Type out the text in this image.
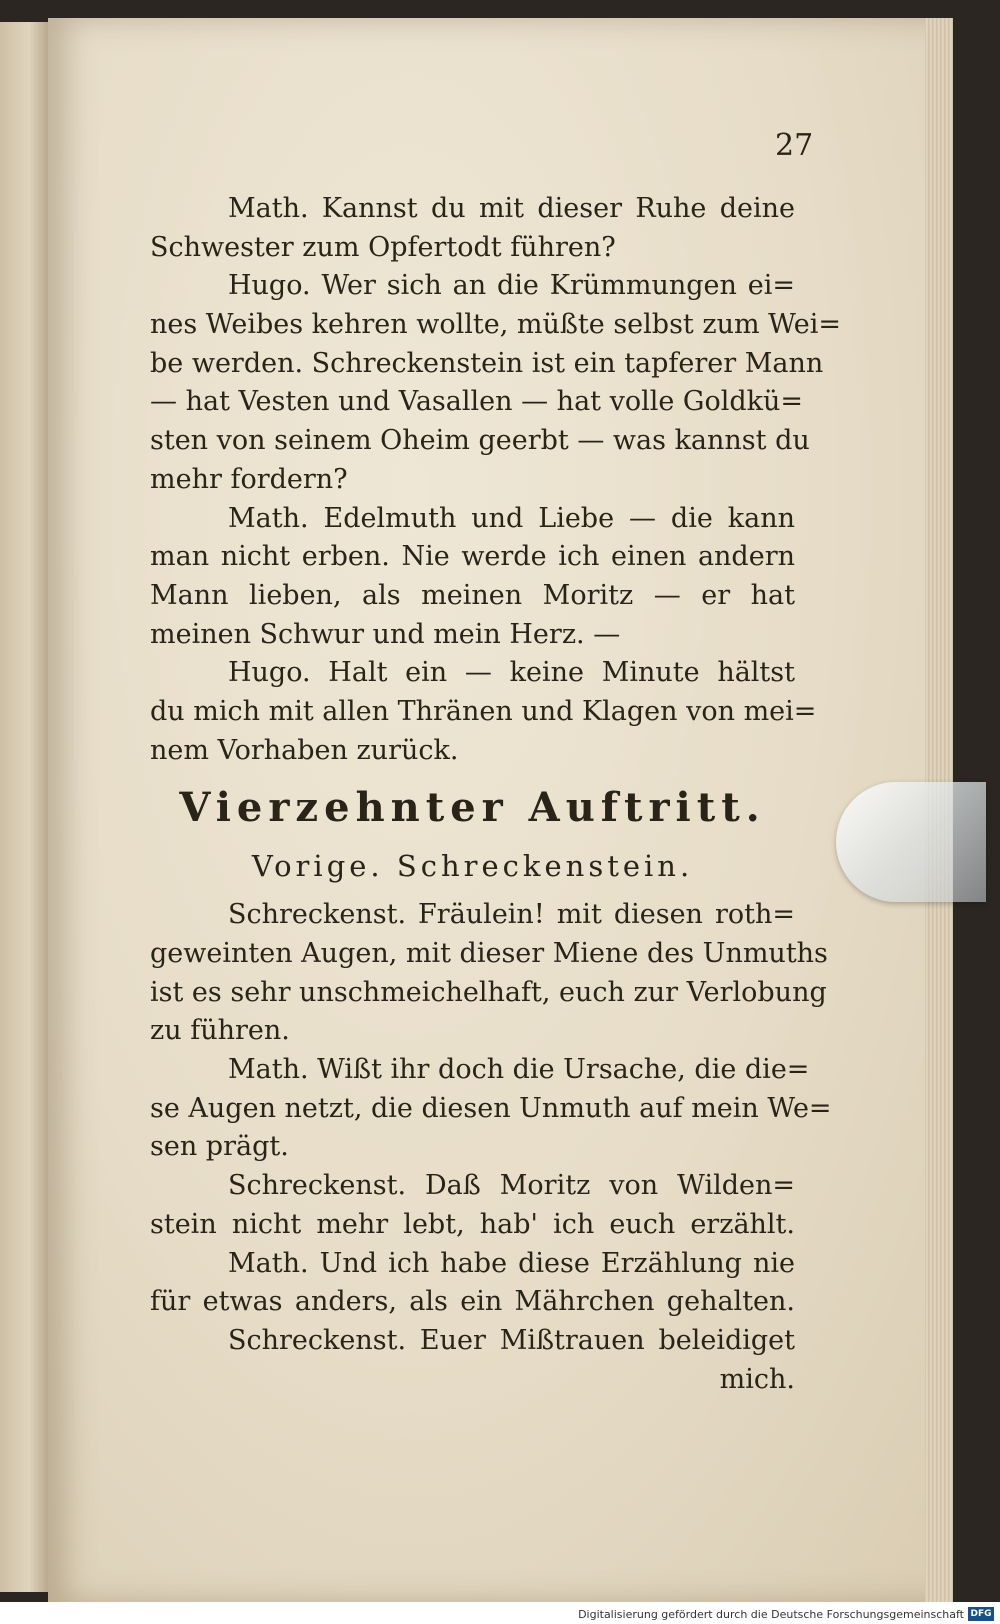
27
Math. Kannst du mit dieser Ruhe deine
Schwester zum Opfertodt führen?
Hugo. Wer sich an die Krümmungen ei=
nes Weibes kehren wollte, müßte selbst zum Wei=
be werden. Schreckenstein ist ein tapferer Mann
— hat Vesten und Vasallen — hat volle Goldkü=
sten von seinem Oheim geerbt — was kannst du
mehr fordern?
Math. Edelmuth und Liebe — die kann
man nicht erben. Nie werde ich einen andern
Mann lieben, als meinen Moritz — er hat
meinen Schwur und mein Herz. —
Hugo. Halt ein — keine Minute hältst
du mich mit allen Thränen und Klagen von mei=
nem Vorhaben zurück.
Vierzehnter Auftritt.
Vorige. Schreckenstein.
Schreckenst. Fräulein! mit diesen roth=
geweinten Augen, mit dieser Miene des Unmuths
ist es sehr unschmeichelhaft, euch zur Verlobung
zu führen.
Math. Wißt ihr doch die Ursache, die die=
se Augen netzt, die diesen Unmuth auf mein We=
sen prägt.
Schreckenst. Daß Moritz von Wilden=
stein nicht mehr lebt, hab' ich euch erzählt.
Math. Und ich habe diese Erzählung nie
für etwas anders, als ein Mährchen gehalten.
Schreckenst. Euer Mißtrauen beleidiget
mich.
Digitalisierung gefördert durch die Deutsche Forschungsgemeinschaft DFG
